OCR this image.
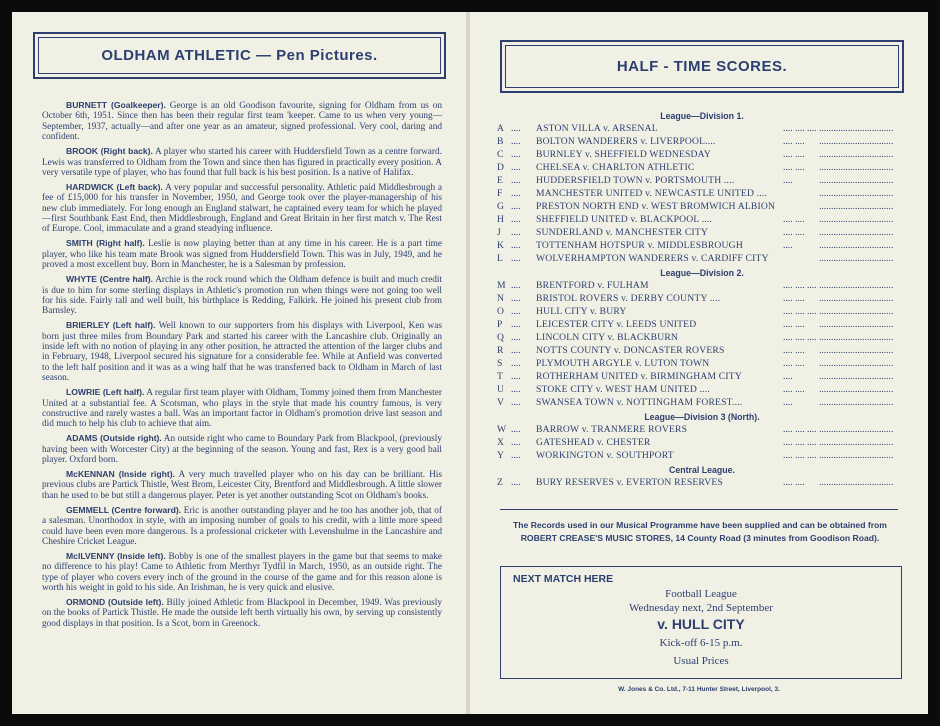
OLDHAM ATHLETIC — Pen Pictures.

BURNETT (Goalkeeper). George is an old Goodison favourite, signing for Oldham from us on October 6th, 1951. Since then has been their regular first team 'keeper. Came to us when very young—September, 1937, actually—and after one year as an amateur, signed professional. Very cool, daring and confident.

BROOK (Right back). A player who started his career with Huddersfield Town as a centre forward. Lewis was transferred to Oldham from the Town and since then has figured in practically every position. A very versatile type of player, who has found that full back is his best position. Is a native of Halifax.

HARDWICK (Left back). A very popular and successful personality. Athletic paid Middlesbrough a fee of £15,000 for his transfer in November, 1950, and George took over the player-managership of his new club immediately. For long enough an England stalwart, he captained every team for which he played—first Southbank East End, then Middlesbrough, England and Great Britain in her first match v. The Rest of Europe. Cool, immaculate and a grand steadying influence.

SMITH (Right half). Leslie is now playing better than at any time in his career. He is a part time player, who like his team mate Brook was signed from Huddersfield Town. This was in July, 1949, and he proved a most excellent buy. Born in Manchester, he is a Salesman by profession.

WHYTE (Centre half). Archie is the rock round which the Oldham defence is built and much credit is due to him for some sterling displays in Athletic's promotion run when things were not going too well for his side. Fairly tall and well built, his birthplace is Redding, Falkirk. He joined his present club from Barnsley.

BRIERLEY (Left half). Well known to our supporters from his displays with Liverpool, Ken was born just three miles from Boundary Park and started his career with the Lancashire club. Originally an inside left with no notion of playing in any other position, he attracted the attention of the larger clubs and in February, 1948, Liverpool secured his signature for a considerable fee. While at Anfield was converted to the left half position and it was as a wing half that he was transferred back to Oldham in March of last season.

LOWRIE (Left half). A regular first team player with Oldham, Tommy joined them from Manchester United at a substantial fee. A Scotsman, who plays in the style that made his country famous, is very constructive and rarely wastes a ball. Was an important factor in Oldham's promotion drive last season and did much to help his club to achieve that aim.

ADAMS (Outside right). An outside right who came to Boundary Park from Blackpool, (previously having been with Worcester City) at the beginning of the season. Young and fast, Rex is a very good ball player. Oxford born.

McKENNAN (Inside right). A very much travelled player who on his day can be brilliant. His previous clubs are Partick Thistle, West Brom, Leicester City, Brentford and Middlesbrough. A little slower than he used to be but still a dangerous player. Peter is yet another outstanding Scot on Oldham's books.

GEMMELL (Centre forward). Eric is another outstanding player and he too has another job, that of a salesman. Unorthodox in style, with an imposing number of goals to his credit, with a little more speed could have been even more dangerous. Is a professional cricketer with Levenshulme in the Lancashire and Cheshire Cricket League.

McILVENNY (Inside left). Bobby is one of the smallest players in the game but that seems to make no difference to his play! Came to Athletic from Merthyr Tydfil in March, 1950, as an outside right. The type of player who covers every inch of the ground in the course of the game and for this reason alone is worth his weight in gold to his side. An Irishman, he is very quick and elusive.

ORMOND (Outside left). Billy joined Athletic from Blackpool in December, 1949. Was previously on the books of Partick Thistle. He made the outside left berth virtually his own, by serving up consistently good displays in that position. Is a Scot, born in Greenock.

HALF - TIME SCORES.
League—Division 1.
A .... ASTON VILLA v. ARSENAL	.... .... .... ...............................
B .... BOLTON WANDERERS v. LIVERPOOL....	.... .... ...............................
C .... BURNLEY v. SHEFFIELD WEDNESDAY	.... .... ...............................
D .... CHELSEA v. CHARLTON ATHLETIC	.... .... ...............................
E .... HUDDERSFIELD TOWN v. PORTSMOUTH ....	....	...............................
F .... MANCHESTER UNITED v. NEWCASTLE UNITED ....	...............................
G .... PRESTON NORTH END v. WEST BROMWICH ALBION	...............................
H .... SHEFFIELD UNITED v. BLACKPOOL ....	.... .... ...............................
J	.... SUNDERLAND v. MANCHESTER CITY	.... .... ...............................
K .... TOTTENHAM HOTSPUR v. MIDDLESBROUGH	....	...............................
L .... WOLVERHAMPTON WANDERERS v. CARDIFF CITY	...............................
League—Division 2.
M .... BRENTFORD v. FULHAM	.... .... .... ...............................
N .... BRISTOL ROVERS v. DERBY COUNTY ....	.... .... ...............................
O .... HULL CITY v. BURY	.... .... .... ...............................
P .... LEICESTER CITY v. LEEDS UNITED	.... .... ...............................
Q .... LINCOLN CITY v. BLACKBURN	.... .... .... ...............................
R .... NOTTS COUNTY v. DONCASTER ROVERS	.... .... ...............................
S .... PLYMOUTH ARGYLE v. LUTON TOWN	.... .... ...............................
T .... ROTHERHAM UNITED v. BIRMINGHAM CITY	....	...............................
U .... STOKE CITY v. WEST HAM UNITED ....	.... .... ...............................
V .... SWANSEA TOWN v. NOTTINGHAM FOREST....	....	...............................
League—Division 3 (North).
W .... BARROW v. TRANMERE ROVERS	.... .... .... ...............................
X .... GATESHEAD v. CHESTER	.... .... .... ...............................
Y .... WORKINGTON v. SOUTHPORT	.... .... .... ...............................
Central League.
Z .... BURY RESERVES v. EVERTON RESERVES	.... .... ...............................
The Records used in our Musical Programme have been supplied and can be obtained from ROBERT CREASE'S MUSIC STORES, 14 County Road (3 minutes from Goodison Road).
NEXT MATCH HERE
Football League
Wednesday next, 2nd September
v. HULL CITY
Kick-off 6-15 p.m.
Usual Prices
W. Jones & Co. Ltd., 7-11 Hunter Street, Liverpool, 3.
